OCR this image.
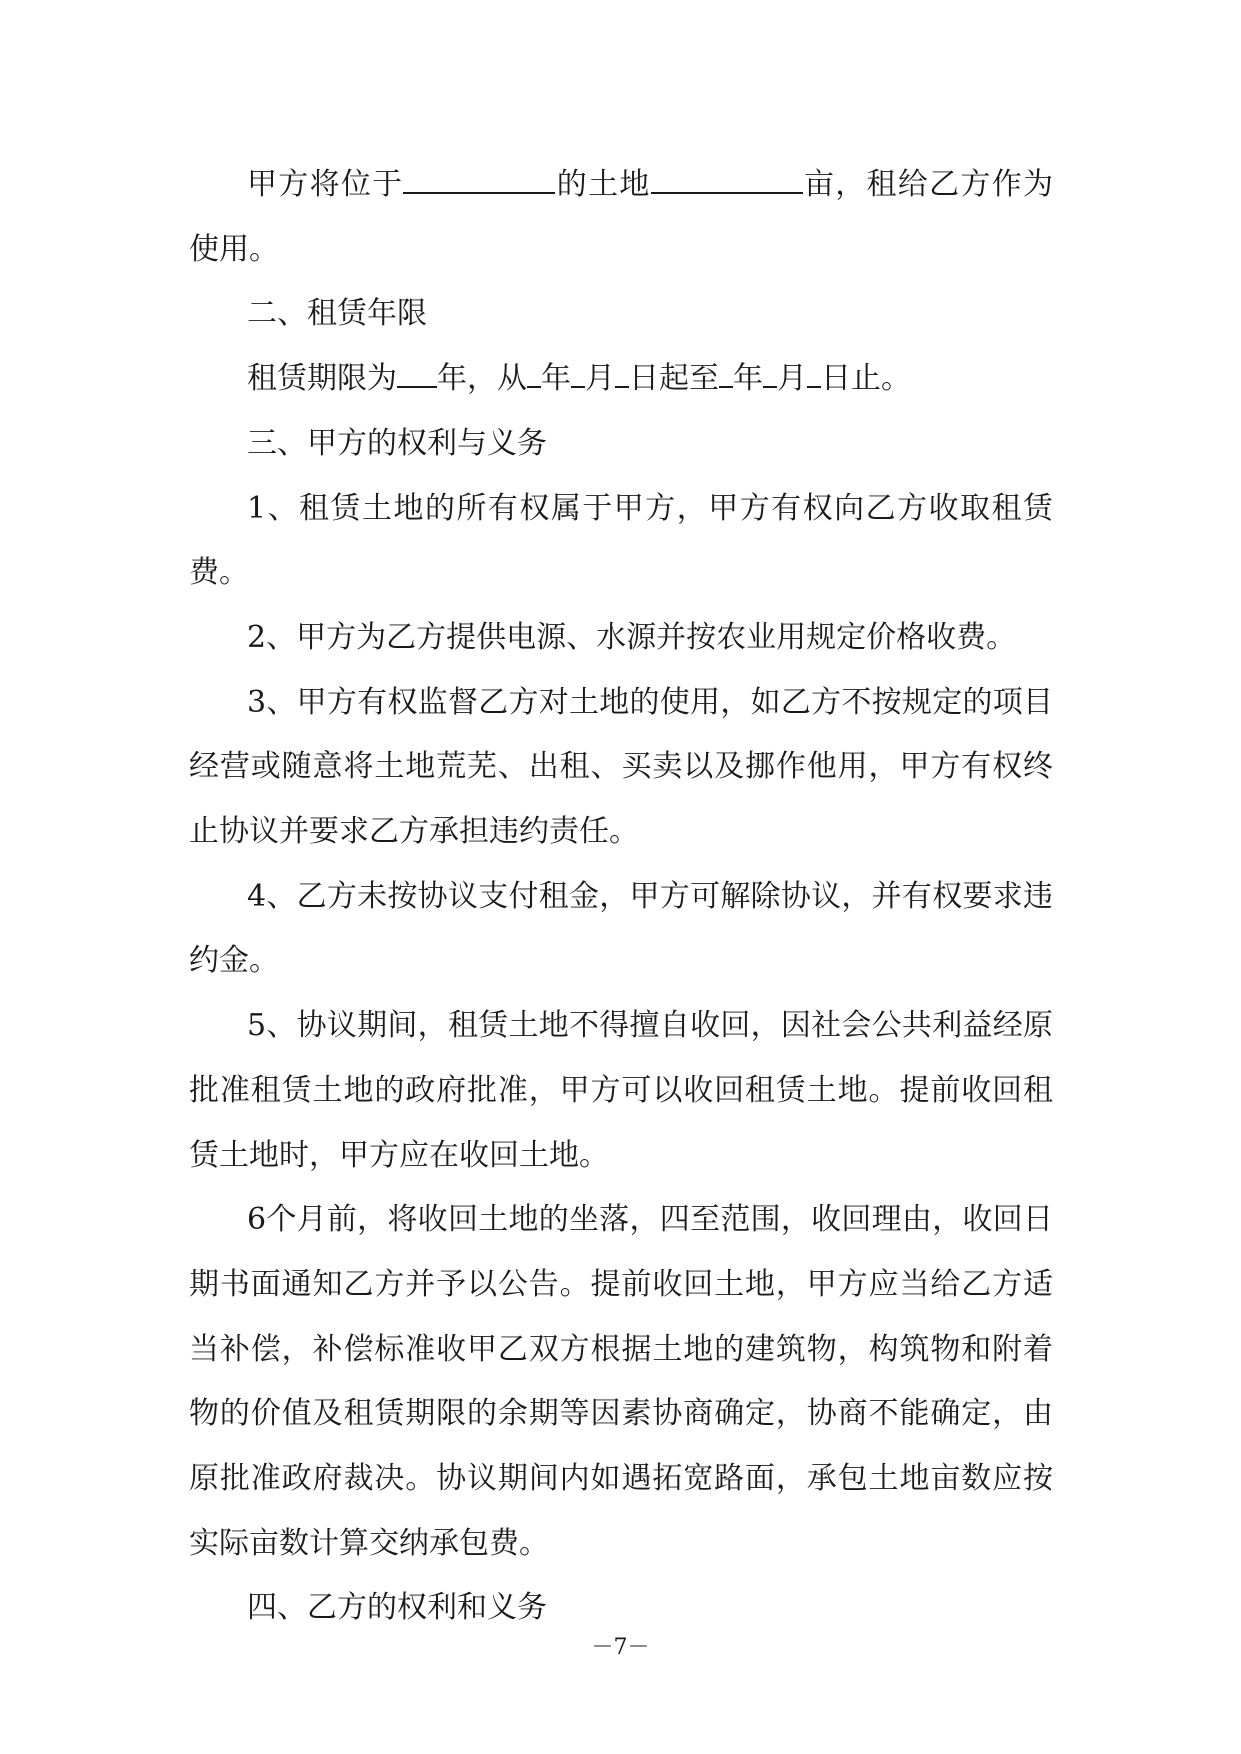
甲方将位于	的土地	亩，租给乙方作为使用。

二、租赁年限

租赁期限为 年，从 年 月 日起至 年 月 日止。

三、甲方的权利与义务

1、租赁土地的所有权属于甲方，甲方有权向乙方收取租赁费。

2、甲方为乙方提供电源、水源并按农业用规定价格收费。

3、甲方有权监督乙方对土地的使用，如乙方不按规定的项目经营或随意将土地荒芜、出租、买卖以及挪作他用，甲方有权终止协议并要求乙方承担违约责任。

4、乙方未按协议支付租金，甲方可解除协议，并有权要求违约金。

5、协议期间，租赁土地不得擅自收回，因社会公共利益经原批准租赁土地的政府批准，甲方可以收回租赁土地。提前收回租赁土地时，甲方应在收回土地。

6个月前，将收回土地的坐落，四至范围，收回理由，收回日期书面通知乙方并予以公告。提前收回土地，甲方应当给乙方适当补偿，补偿标准收甲乙双方根据土地的建筑物，构筑物和附着物的价值及租赁期限的余期等因素协商确定，协商不能确定，由原批准政府裁决。协议期间内如遇拓宽路面，承包土地亩数应按实际亩数计算交纳承包费。

四、乙方的权利和义务

－7－
